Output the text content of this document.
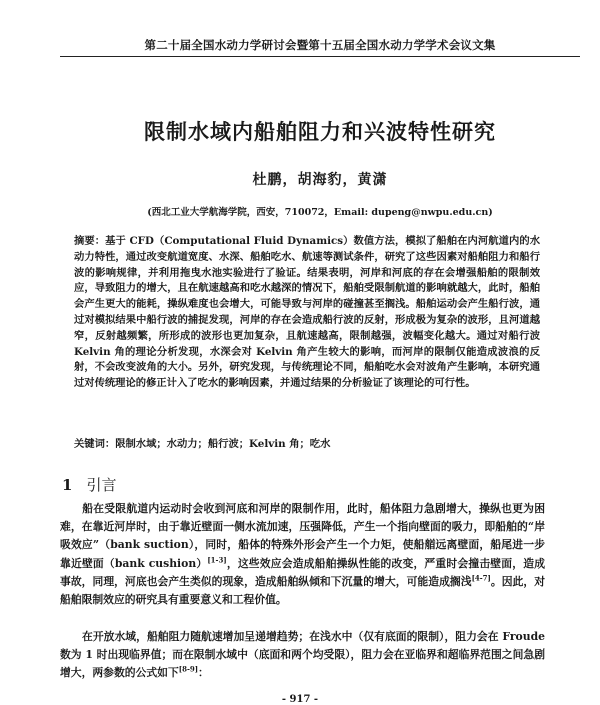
第二十届全国水动力学研讨会暨第十五届全国水动力学学术会议文集
限制水域内船舶阻力和兴波特性研究
杜鹏，胡海豹，黄潇
(西北工业大学航海学院，西安，710072，Email: dupeng@nwpu.edu.cn)
摘要：基于 CFD（Computational Fluid Dynamics）数值方法，模拟了船舶在内河航道内的水动力特性，通过改变航道宽度、水深、船舶吃水、航速等测试条件，研究了这些因素对船舶阻力和船行波的影响规律，并利用拖曳水池实验进行了验证。结果表明，河岸和河底的存在会增强船舶的限制效应，导致阻力的增大，且在航速越高和吃水越深的情况下，船舶受限制航道的影响就越大，此时，船舶会产生更大的能耗，操纵难度也会增大，可能导致与河岸的碰撞甚至搁浅。船舶运动会产生船行波，通过对模拟结果中船行波的捕捉发现，河岸的存在会造成船行波的反射，形成极为复杂的波形，且河道越窄，反射越频繁，所形成的波形也更加复杂，且航速越高，限制越强，波幅变化越大。通过对船行波 Kelvin 角的理论分析发现，水深会对 Kelvin 角产生较大的影响，而河岸的限制仅能造成波浪的反射，不会改变波角的大小。另外，研究发现，与传统理论不同，船舶吃水会对波角产生影响，本研究通过对传统理论的修正计入了吃水的影响因素，并通过结果的分析验证了该理论的可行性。
关键词：限制水域；水动力；船行波；Kelvin 角；吃水
1 引言
船在受限航道内运动时会收到河底和河岸的限制作用，此时，船体阻力急剧增大，操纵也更为困难，在靠近河岸时，由于靠近壁面一侧水流加速，压强降低，产生一个指向壁面的吸力，即船舶的“岸吸效应”（bank suction），同时，船体的特殊外形会产生一个力矩，使船艏远离壁面，船尾进一步靠近壁面（bank cushion）[1-3]，这些效应会造成船舶操纵性能的改变，严重时会撞击壁面，造成事故，同理，河底也会产生类似的现象，造成船舶纵倾和下沉量的增大，可能造成搁浅[4-7]。因此，对船舶限制效应的研究具有重要意义和工程价值。
在开放水域，船舶阻力随航速增加呈递增趋势；在浅水中（仅有底面的限制），阻力会在 Froude 数为 1 时出现临界值；而在限制水域中（底面和两个均受限），阻力会在亚临界和超临界范围之间急剧增大，两参数的公式如下[8-9]：
- 917 -
